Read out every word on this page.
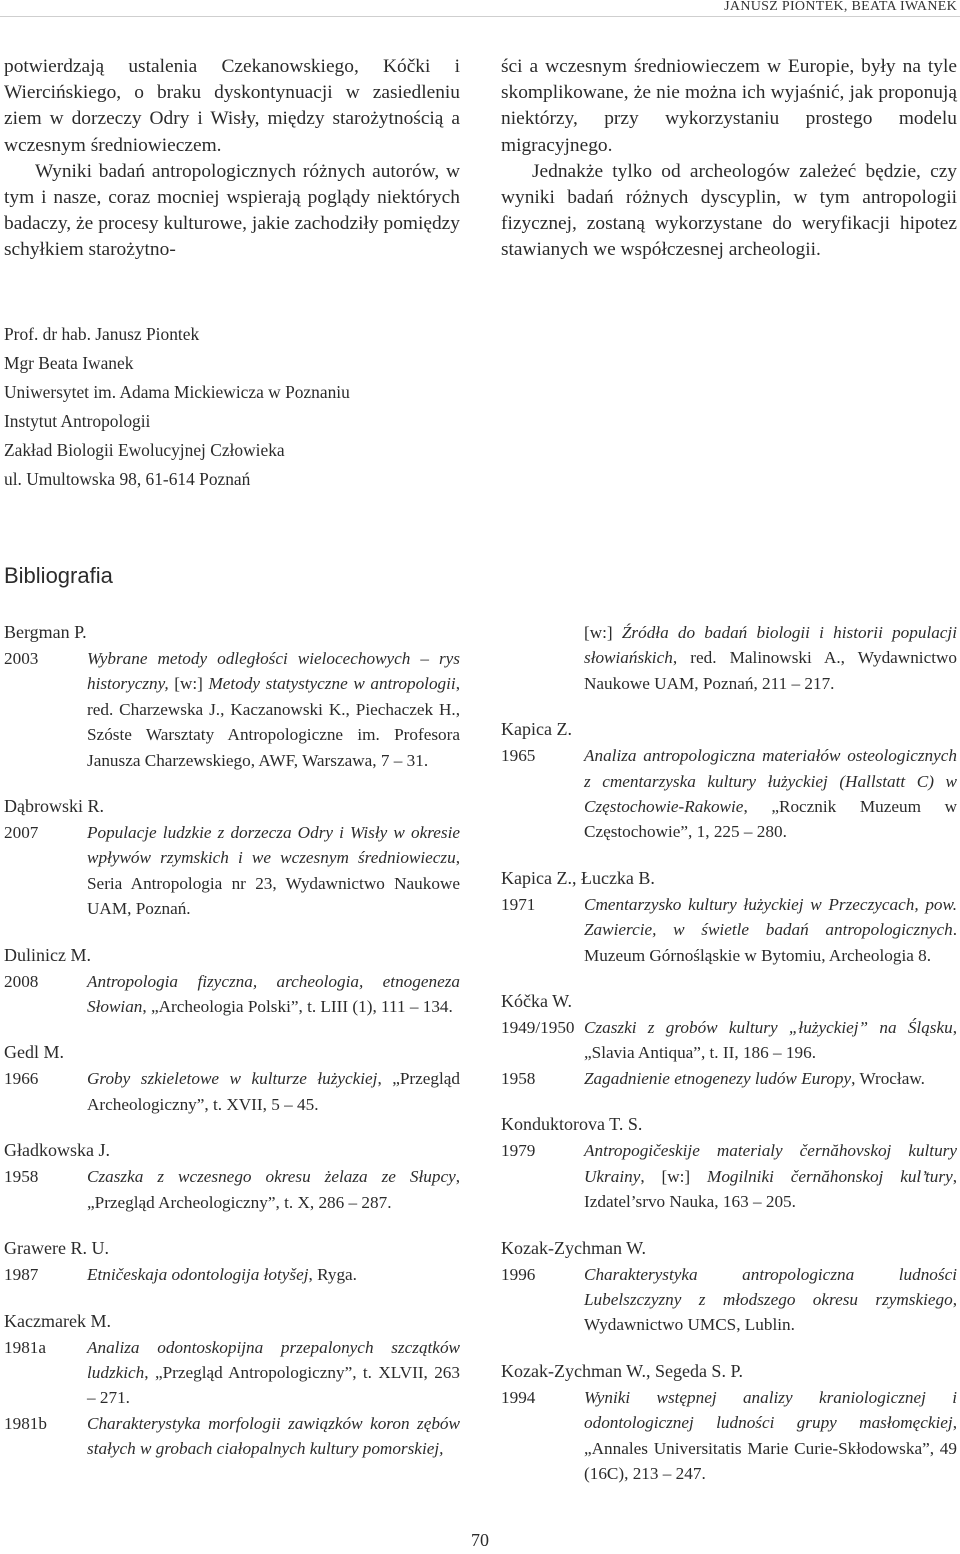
JANUSZ PIONTEK, BEATA IWANEK

potwierdzają ustalenia Czekanowskiego, Kóčki i Wiercińskiego, o braku dyskontynuacji w zasiedleniu ziem w dorzeczy Odry i Wisły, między starożytnością a wczesnym średniowieczem.

Wyniki badań antropologicznych różnych autorów, w tym i nasze, coraz mocniej wspierają poglądy niektórych badaczy, że procesy kulturowe, jakie zachodziły pomiędzy schyłkiem starożytno-

ści a wczesnym średniowieczem w Europie, były na tyle skomplikowane, że nie można ich wyjaśnić, jak proponują niektórzy, przy wykorzystaniu prostego modelu migracyjnego.

Jednakże tylko od archeologów zależeć będzie, czy wyniki badań różnych dyscyplin, w tym antropologii fizycznej, zostaną wykorzystane do weryfikacji hipotez stawianych we współczesnej archeologii.

Prof. dr hab. Janusz Piontek
Mgr Beata Iwanek
Uniwersytet im. Adama Mickiewicza w Poznaniu
Instytut Antropologii
Zakład Biologii Ewolucyjnej Człowieka
ul. Umultowska 98, 61-614 Poznań
Bibliografia
Bergman P.
2003	Wybrane metody odległości wielocechowych – rys historyczny, [w:] Metody statystyczne w antropologii, red. Charzewska J., Kaczanowski K., Piechaczek H., Szóste Warsztaty Antropologiczne im. Profesora Janusza Charzewskiego, AWF, Warszawa, 7 – 31.
Dąbrowski R.
2007	Populacje ludzkie z dorzecza Odry i Wisły w okresie wpływów rzymskich i we wczesnym średniowieczu, Seria Antropologia nr 23, Wydawnictwo Naukowe UAM, Poznań.
Dulinicz M.
2008	Antropologia fizyczna, archeologia, etnogeneza Słowian, „Archeologia Polski”, t. LIII (1), 111 – 134.
Gedl M.
1966	Groby szkieletowe w kulturze łużyckiej, „Przegląd Archeologiczny”, t. XVII, 5 – 45.
Gładkowska J.
1958	Czaszka z wczesnego okresu żelaza ze Słupcy, „Przegląd Archeologiczny”, t. X, 286 – 287.
Grawere R. U.
1987	Etničeskaja odontologija łotyšej, Ryga.
Kaczmarek M.
1981a	Analiza odontoskopijna przepalonych szczątków ludzkich, „Przegląd Antropologiczny”, t. XLVII, 263 – 271.
1981b	Charakterystyka morfologii zawiązków koron zębów stałych w grobach ciałopalnych kultury pomorskiej,
[w:] Źródła do badań biologii i historii populacji słowiańskich, red. Malinowski A., Wydawnictwo Naukowe UAM, Poznań, 211 – 217.
Kapica Z.
1965	Analiza antropologiczna materiałów osteologicznych z cmentarzyska kultury łużyckiej (Hallstatt C) w Częstochowie-Rakowie, „Rocznik Muzeum w Częstochowie”, 1, 225 – 280.
Kapica Z., Łuczka B.
1971	Cmentarzysko kultury łużyckiej w Przeczycach, pow. Zawiercie, w świetle badań antropologicznych. Muzeum Górnośląskie w Bytomiu, Archeologia 8.
Kóčka W.
1949/1950 Czaszki z grobów kultury „łużyckiej” na Śląsku, „Slavia Antiqua”, t. II, 186 – 196.
1958	Zagadnienie etnogenezy ludów Europy, Wrocław.
Konduktorova T. S.
1979	Antropogičeskije materialy černăhovskoj kultury Ukrainy, [w:] Mogilniki černăhonskoj kul’tury, Izdatel’srvo Nauka, 163 – 205.
Kozak-Zychman W.
1996	Charakterystyka antropologiczna ludności Lubelszczyzny z młodszego okresu rzymskiego, Wydawnictwo UMCS, Lublin.
Kozak-Zychman W., Segeda S. P.
1994	Wyniki wstępnej analizy kraniologicznej i odontologicznej ludności grupy masłomęckiej, „Annales Universitatis Marie Curie-Skłodowska”, 49 (16C), 213 – 247.
70
